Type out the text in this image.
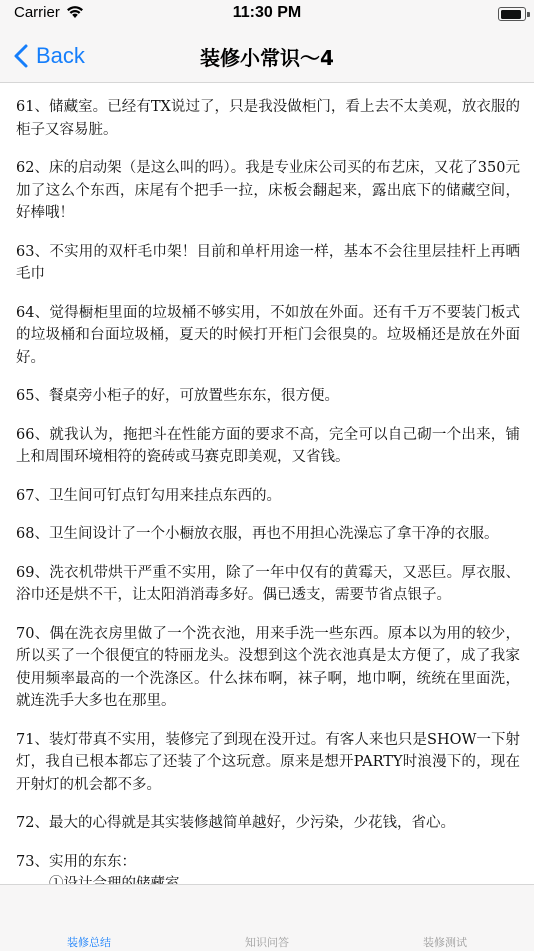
Carrier	11:30 PM
Back	装修小常识～4

61、储藏室。已经有TX说过了，只是我没做柜门，看上去不太美观，放衣服的柜子又容易脏。

62、床的启动架（是这么叫的吗）。我是专业床公司买的布艺床，又花了350元加了这么个东西，床尾有个把手一拉，床板会翻起来，露出底下的储藏空间，好棒哦！

63、不实用的双杆毛巾架！目前和单杆用途一样，基本不会往里层挂杆上再晒毛巾

64、觉得橱柜里面的垃圾桶不够实用，不如放在外面。还有千万不要装门板式的垃圾桶和台面垃圾桶，夏天的时候打开柜门会很臭的。垃圾桶还是放在外面好。

65、餐桌旁小柜子的好，可放置些东东，很方便。

66、就我认为，拖把斗在性能方面的要求不高，完全可以自己砌一个出来，铺上和周围环境相符的瓷砖或马赛克即美观，又省钱。

67、卫生间可钉点钉勾用来挂点东西的。

68、卫生间设计了一个小橱放衣服，再也不用担心洗澡忘了拿干净的衣服。

69、洗衣机带烘干严重不实用，除了一年中仅有的黄霉天，又恶巨。厚衣服、浴巾还是烘不干，让太阳消消毒多好。偶已透支，需要节省点银子。

70、偶在洗衣房里做了一个洗衣池，用来手洗一些东西。原本以为用的较少，所以买了一个很便宜的特丽龙头。没想到这个洗衣池真是太方便了，成了我家使用频率最高的一个洗涤区。什么抹布啊，袜子啊，地巾啊，统统在里面洗，就连洗手大多也在那里。

71、装灯带真不实用，装修完了到现在没开过。有客人来也只是SHOW一下射灯，我自已根本都忘了还装了个这玩意。原来是想开PARTY时浪漫下的，现在开射灯的机会都不多。

72、最大的心得就是其实装修越简单越好，少污染，少花钱，省心。

73、实用的东东：
装修总结	知识问答	装修测试
